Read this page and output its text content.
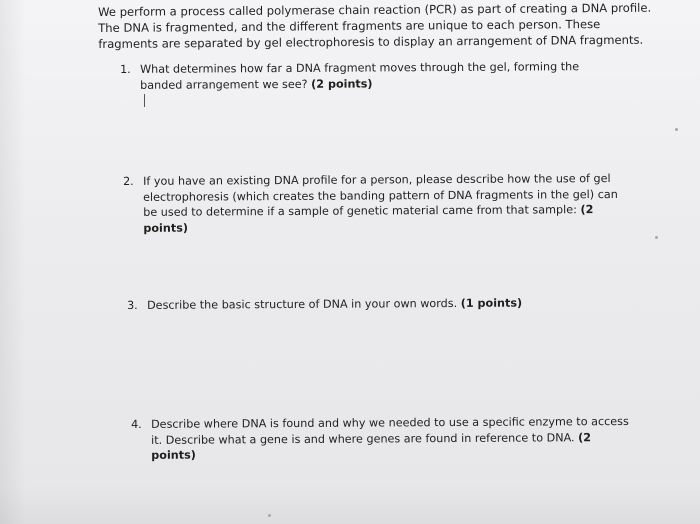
We perform a process called polymerase chain reaction (PCR) as part of creating a DNA profile. The DNA is fragmented, and the different fragments are unique to each person. These fragments are separated by gel electrophoresis to display an arrangement of DNA fragments.
1. What determines how far a DNA fragment moves through the gel, forming the banded arrangement we see? (2 points)
2. If you have an existing DNA profile for a person, please describe how the use of gel electrophoresis (which creates the banding pattern of DNA fragments in the gel) can be used to determine if a sample of genetic material came from that sample: (2 points)
3. Describe the basic structure of DNA in your own words. (1 points)
4. Describe where DNA is found and why we needed to use a specific enzyme to access it. Describe what a gene is and where genes are found in reference to DNA. (2 points)
